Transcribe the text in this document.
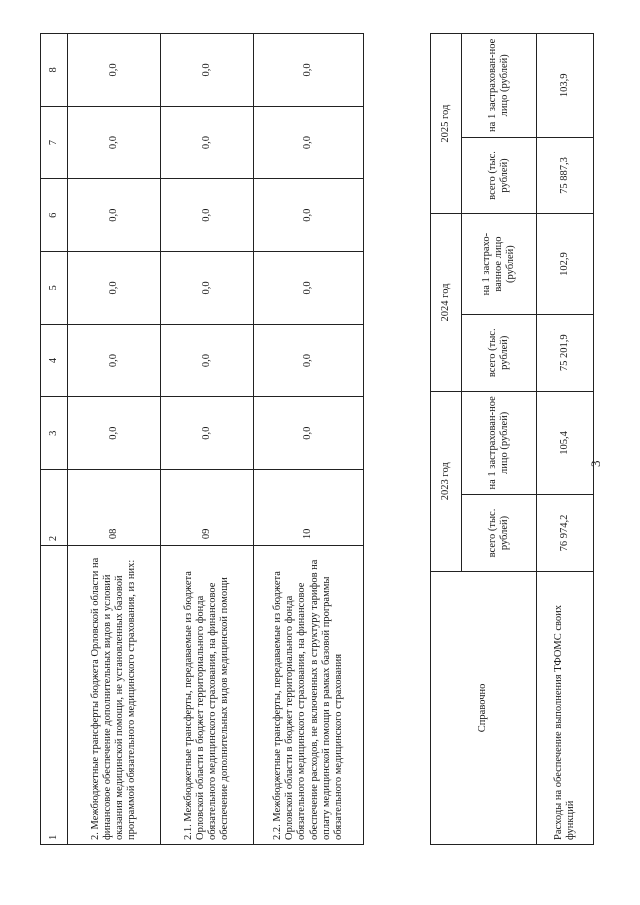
3
1	2	3	4	5	6	7	8
2. Межбюджетные трансферты бюджета Орловской области на финансовое обеспечение дополнительных видов и условий оказания медицинской помощи, не установленных базовой программой обязательного медицинского страхования, из них:	08	0,0	0,0	0,0	0,0	0,0	0,0
2.1. Межбюджетные трансферты, передаваемые из бюджета Орловской области в бюджет территориального фонда обязательного медицинского страхования, на финансовое обеспечение дополнительных видов медицинской помощи	09	0,0	0,0	0,0	0,0	0,0	0,0
2.2. Межбюджетные трансферты, передаваемые из бюджета Орловской области в бюджет территориального фонда обязательного медицинского страхования, на финансовое обеспечение расходов, не включенных в структуру тарифов на оплату медицинской помощи в рамках базовой программы обязательного медицинского страхования	10	0,0	0,0	0,0	0,0	0,0	0,0
Справочно	2023 год		2024 год		2025 год	
	всего (тыс. рублей)	на 1 застрахован-ное лицо (рублей)	всего (тыс. рублей)	на 1 застрахо-ванное лицо (рублей)	всего (тыс. рублей)	на 1 застрахован-ное лицо (рублей)
Расходы на обеспечение выполнения ТФОМС своих функций	76 974,2	105,4	75 201,9	102,9	75 887,3	103,9
